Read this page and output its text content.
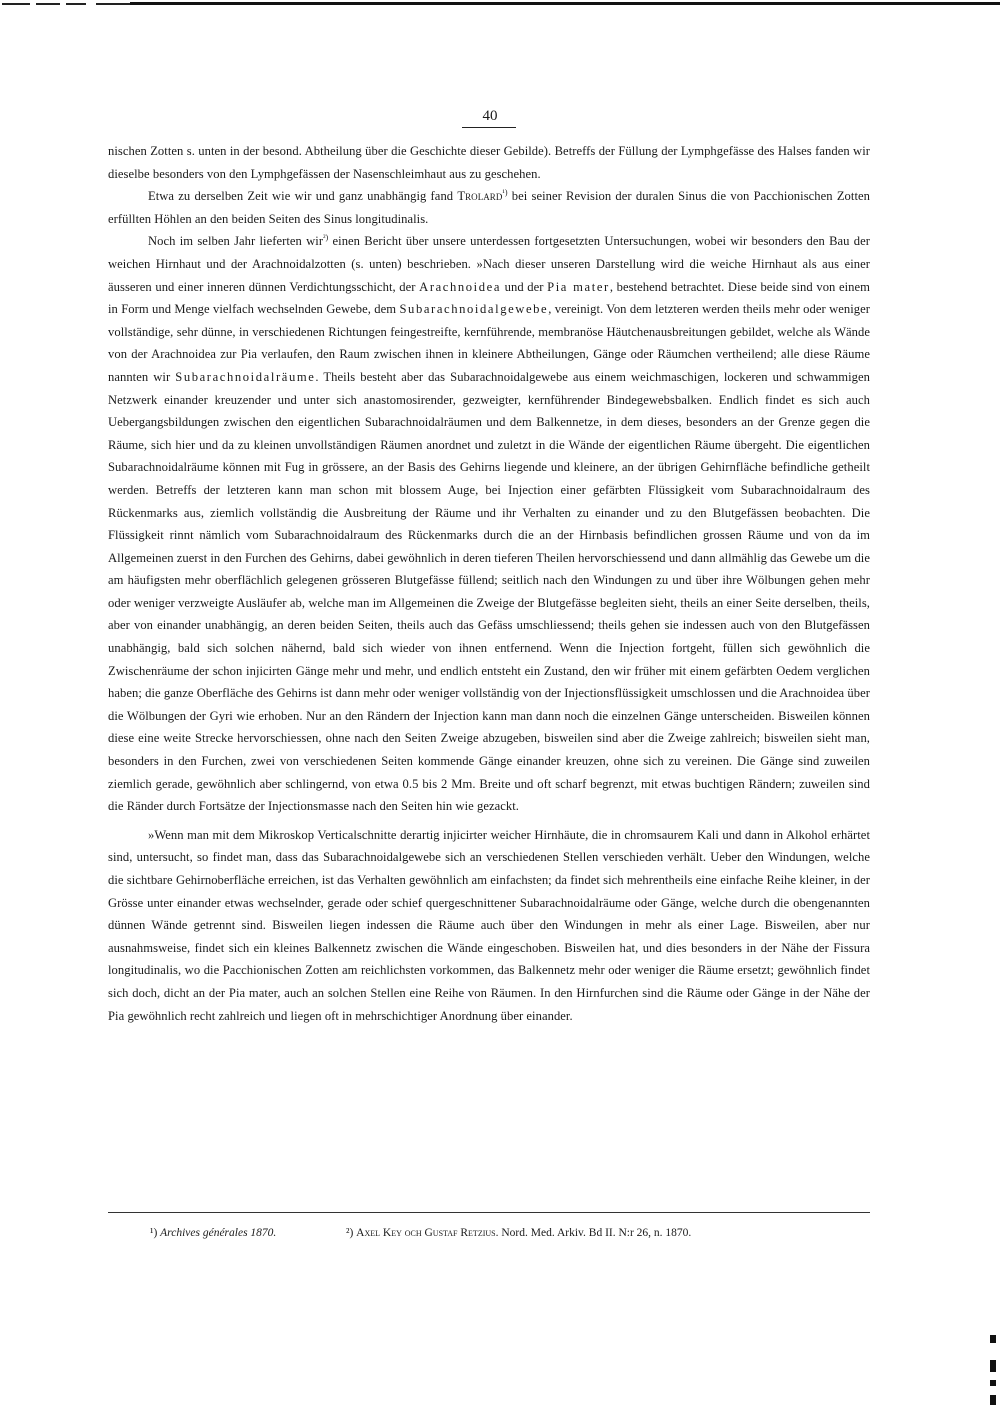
40

nischen Zotten s. unten in der besond. Abtheilung über die Geschichte dieser Gebilde). Betreffs der Füllung der Lymphgefässe des Halses fanden wir dieselbe besonders von den Lymphgefässen der Nasenschleimhaut aus zu geschehen.

Etwa zu derselben Zeit wie wir und ganz unabhängig fand Trolard$^{^1)}$ bei seiner Revision der duralen Sinus die von Pacchionischen Zotten erfüllten Höhlen an den beiden Seiten des Sinus longitudinalis.

Noch im selben Jahr lieferten wir$^{^2)}$ einen Bericht über unsere unterdessen fortgesetzten Untersuchungen, wobei wir besonders den Bau der weichen Hirnhaut und der Arachnoidalzotten (s. unten) beschrieben. »Nach dieser unseren Darstellung wird die weiche Hirnhaut als aus einer äusseren und einer inneren dünnen Verdichtungsschicht, der Arachnoidea und der Pia mater, bestehend betrachtet. Diese beide sind von einem in Form und Menge vielfach wechselnden Gewebe, dem Subarachnoidalgewebe, vereinigt. Von dem letzteren werden theils mehr oder weniger vollständige, sehr dünne, in verschiedenen Richtungen feingestreifte, kernführende, membranöse Häutchenausbreitungen gebildet, welche als Wände von der Arachnoidea zur Pia verlaufen, den Raum zwischen ihnen in kleinere Abtheilungen, Gänge oder Räumchen vertheilend; alle diese Räume nannten wir Subarachnoidalräume. Theils besteht aber das Subarachnoidalgewebe aus einem weichmaschigen, lockeren und schwammigen Netzwerk einander kreuzender und unter sich anastomosirender, gezweigter, kernführender Bindegewebsbalken. Endlich findet es sich auch Uebergangsbildungen zwischen den eigentlichen Subarachnoidalräumen und dem Balkennetze, in dem dieses, besonders an der Grenze gegen die Räume, sich hier und da zu kleinen unvollständigen Räumen anordnet und zuletzt in die Wände der eigentlichen Räume übergeht. Die eigentlichen Subarachnoidalräume können mit Fug in grössere, an der Basis des Gehirns liegende und kleinere, an der übrigen Gehirnfläche befindliche getheilt werden. Betreffs der letzteren kann man schon mit blossem Auge, bei Injection einer gefärbten Flüssigkeit vom Subarachnoidalraum des Rückenmarks aus, ziemlich vollständig die Ausbreitung der Räume und ihr Verhalten zu einander und zu den Blutgefässen beobachten. Die Flüssigkeit rinnt nämlich vom Subarachnoidalraum des Rückenmarks durch die an der Hirnbasis befindlichen grossen Räume und von da im Allgemeinen zuerst in den Furchen des Gehirns, dabei gewöhnlich in deren tieferen Theilen hervorschiessend und dann allmählig das Gewebe um die am häufigsten mehr oberflächlich gelegenen grösseren Blutgefässe füllend; seitlich nach den Windungen zu und über ihre Wölbungen gehen mehr oder weniger verzweigte Ausläufer ab, welche man im Allgemeinen die Zweige der Blutgefässe begleiten sieht, theils an einer Seite derselben, theils, aber von einander unabhängig, an deren beiden Seiten, theils auch das Gefäss umschliessend; theils gehen sie indessen auch von den Blutgefässen unabhängig, bald sich solchen nähernd, bald sich wieder von ihnen entfernend. Wenn die Injection fortgeht, füllen sich gewöhnlich die Zwischenräume der schon injicirten Gänge mehr und mehr, und endlich entsteht ein Zustand, den wir früher mit einem gefärbten Oedem verglichen haben; die ganze Oberfläche des Gehirns ist dann mehr oder weniger vollständig von der Injectionsflüssigkeit umschlossen und die Arachnoidea über die Wölbungen der Gyri wie erhoben. Nur an den Rändern der Injection kann man dann noch die einzelnen Gänge unterscheiden. Bisweilen können diese eine weite Strecke hervorschiessen, ohne nach den Seiten Zweige abzugeben, bisweilen sind aber die Zweige zahlreich; bisweilen sieht man, besonders in den Furchen, zwei von verschiedenen Seiten kommende Gänge einander kreuzen, ohne sich zu vereinen. Die Gänge sind zuweilen ziemlich gerade, gewöhnlich aber schlingernd, von etwa 0.5 bis 2 Mm. Breite und oft scharf begrenzt, mit etwas buchtigen Rändern; zuweilen sind die Ränder durch Fortsätze der Injectionsmasse nach den Seiten hin wie gezackt.

»Wenn man mit dem Mikroskop Verticalschnitte derartig injicirter weicher Hirnhäute, die in chromsaurem Kali und dann in Alkohol erhärtet sind, untersucht, so findet man, dass das Subarachnoidalgewebe sich an verschiedenen Stellen verschieden verhält. Ueber den Windungen, welche die sichtbare Gehirnoberfläche erreichen, ist das Verhalten gewöhnlich am einfachsten; da findet sich mehrentheils eine einfache Reihe kleiner, in der Grösse unter einander etwas wechselnder, gerade oder schief quergeschnittener Subarachnoidalräume oder Gänge, welche durch die obengenannten dünnen Wände getrennt sind. Bisweilen liegen indessen die Räume auch über den Windungen in mehr als einer Lage. Bisweilen, aber nur ausnahmsweise, findet sich ein kleines Balkennetz zwischen die Wände eingeschoben. Bisweilen hat, und dies besonders in der Nähe der Fissura longitudinalis, wo die Pacchionischen Zotten am reichlichsten vorkommen, das Balkennetz mehr oder weniger die Räume ersetzt; gewöhnlich findet sich doch, dicht an der Pia mater, auch an solchen Stellen eine Reihe von Räumen. In den Hirnfurchen sind die Räume oder Gänge in der Nähe der Pia gewöhnlich recht zahlreich und liegen oft in mehrschichtiger Anordnung über einander.

¹) Archives générales 1870.	²) Axel Key och Gustaf Retzius. Nord. Med. Arkiv. Bd II. N:r 26, n. 1870.
